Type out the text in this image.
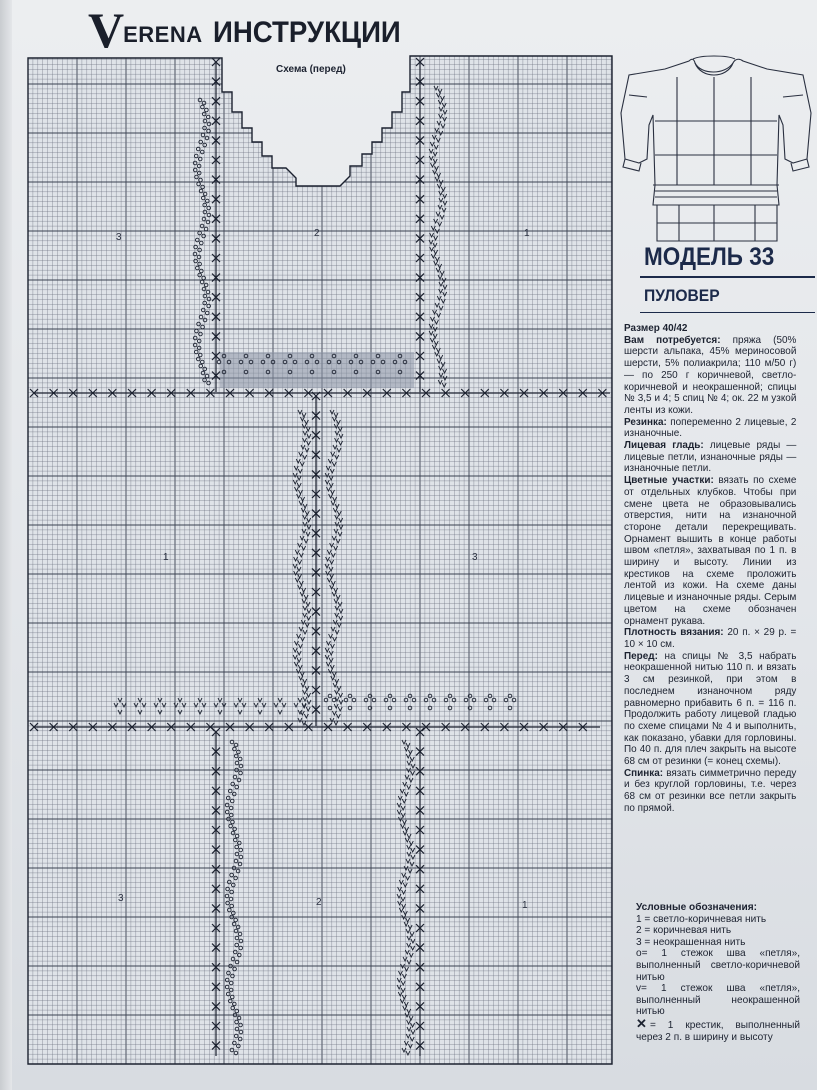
V ERENA ИНСТРУКЦИИ
Схема (перед)
3	2	1
1	3
3	2	1
МОДЕЛЬ 33
ПУЛОВЕР

Размер 40/42

Вам потребуется: пряжа (50% шерсти альпака, 45% мериносовой шерсти, 5% полиакрила; 110 м/50 г) — по 250 г коричневой, светло-коричневой и неокрашенной; спицы № 3,5 и 4; 5 спиц № 4; ок. 22 м узкой ленты из кожи.

Резинка: попеременно 2 лицевые, 2 изнаночные.

Лицевая гладь: лицевые ряды — лицевые петли, изнаночные ряды — изнаночные петли.

Цветные участки: вязать по схеме от отдельных клубков. Чтобы при смене цвета не образовывались отверстия, нити на изнаночной стороне детали перекрещивать. Орнамент вышить в конце работы швом «петля», захватывая по 1 п. в ширину и высоту. Линии из крестиков на схеме проложить лентой из кожи. На схеме даны лицевые и изнаночные ряды. Серым цветом на схеме обозначен орнамент рукава.

Плотность вязания: 20 п. × 29 р. = 10 × 10 см.

Перед: на спицы № 3,5 набрать неокрашенной нитью 110 п. и вязать 3 см резинкой, при этом в последнем изнаночном ряду равномерно прибавить 6 п. = 116 п. Продолжить работу лицевой гладью по схеме спицами № 4 и выполнить, как показано, убавки для горловины. По 40 п. для плеч закрыть на высоте 68 см от резинки (= конец схемы).

Спинка: вязать симметрично переду и без круглой горловины, т.е. через 68 см от резинки все петли закрыть по прямой.

Условные обозначения:
1 = светло-коричневая нить
2 = коричневая нить
3 = неокрашенная нить
о= 1 стежок шва «петля», выполненный светло-коричневой нитью
v= 1 стежок шва «петля», выполненный неокрашенной нитью
✕ = 1 крестик, выполненный через 2 п. в ширину и высоту
